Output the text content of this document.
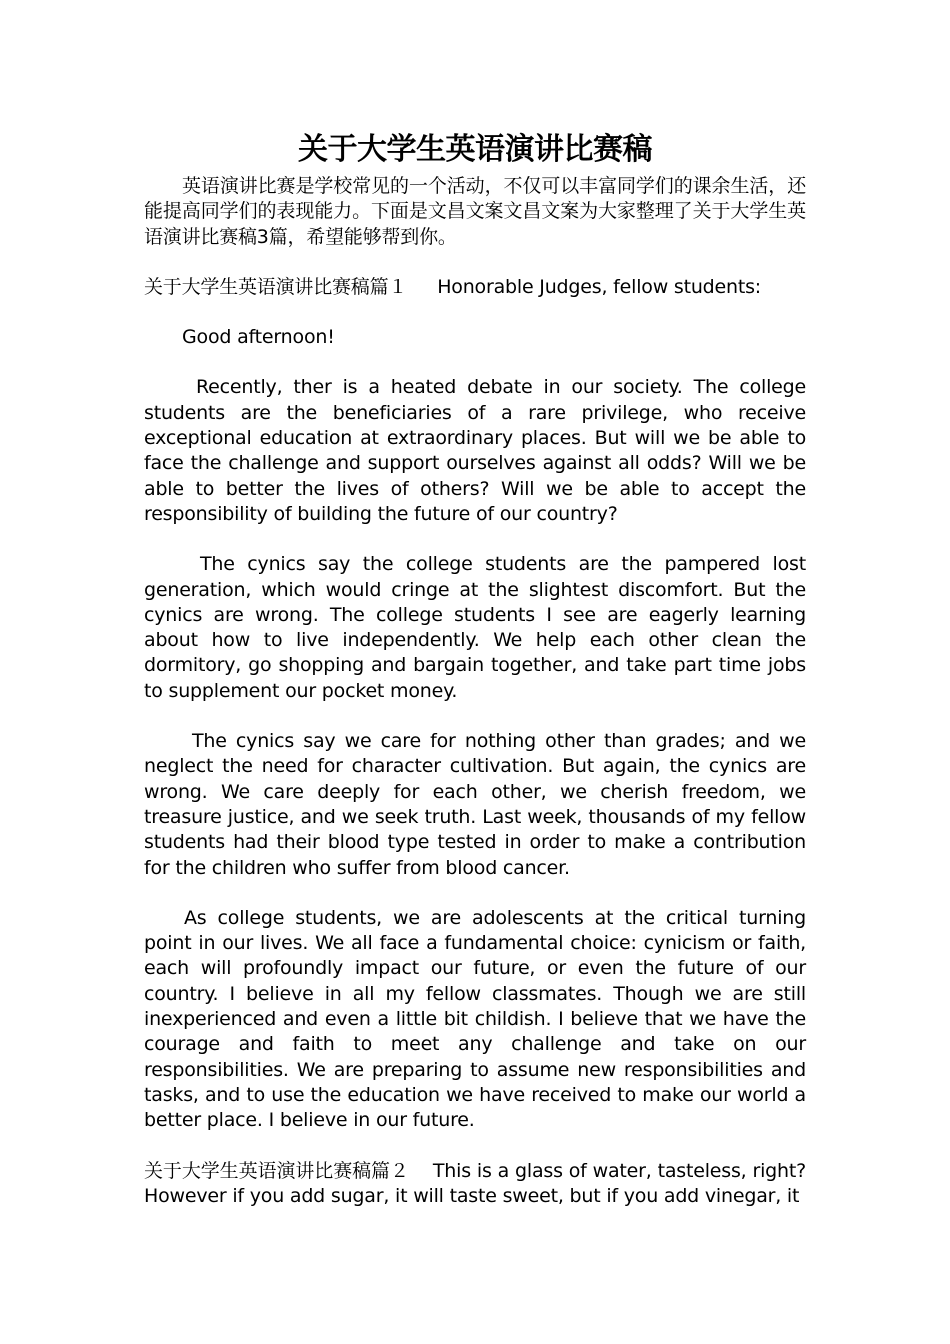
关于大学生英语演讲比赛稿

英语演讲比赛是学校常见的一个活动，不仅可以丰富同学们的课余生活，还能提高同学们的表现能力。下面是文昌文案文昌文案为大家整理了关于大学生英语演讲比赛稿3篇，希望能够帮到你。

关于大学生英语演讲比赛稿篇１ Honorable Judges, fellow students:

Good afternoon!

Recently, ther is a heated debate in our society. The college students are the beneficiaries of a rare privilege, who receive exceptional education at extraordinary places. But will we be able to face the challenge and support ourselves against all odds? Will we be able to better the lives of others? Will we be able to accept the responsibility of building the future of our country?

The cynics say the college students are the pampered lost generation, which would cringe at the slightest discomfort. But the cynics are wrong. The college students I see are eagerly learning about how to live independently. We help each other clean the dormitory, go shopping and bargain together, and take part time jobs to supplement our pocket money.

The cynics say we care for nothing other than grades; and we neglect the need for character cultivation. But again, the cynics are wrong. We care deeply for each other, we cherish freedom, we treasure justice, and we seek truth. Last week, thousands of my fellow students had their blood type tested in order to make a contribution for the children who suffer from blood cancer.

As college students, we are adolescents at the critical turning point in our lives. We all face a fundamental choice: cynicism or faith, each will profoundly impact our future, or even the future of our country. I believe in all my fellow classmates. Though we are still inexperienced and even a little bit childish. I believe that we have the courage and faith to meet any challenge and take on our responsibilities. We are preparing to assume new responsibilities and tasks, and to use the education we have received to make our world a better place. I believe in our future.

关于大学生英语演讲比赛稿篇２ This is a glass of water, tasteless, right? However if you add sugar, it will taste sweet, but if you add vinegar, it
